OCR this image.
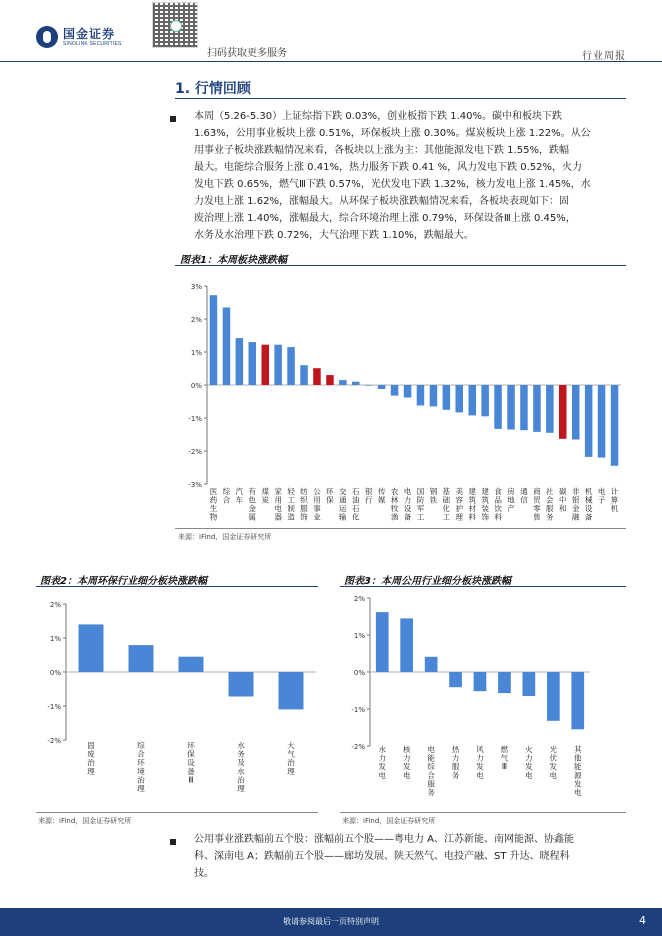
国金证券
SINOLINK SECURITIES
扫码获取更多服务	行业周报
1. 行情回顾
本周（5.26-5.30）上证综指下跌 0.03%，创业板指下跌 1.40%。碳中和板块下跌
1.63%，公用事业板块上涨 0.51%，环保板块上涨 0.30%。煤炭板块上涨 1.22%。从公
用事业子板块涨跌幅情况来看，各板块以上涨为主：其他能源发电下跌 1.55%，跌幅
最大。电能综合服务上涨 0.41%，热力服务下跌 0.41 %，风力发电下跌 0.52%，火力
发电下跌 0.65%，燃气Ⅲ下跌 0.57%，光伏发电下跌 1.32%，核力发电上涨 1.45%，水
力发电上涨 1.62%，涨幅最大。从环保子板块涨跌幅情况来看，各板块表现如下：固
废治理上涨 1.40%，涨幅最大，综合环境治理上涨 0.79%，环保设备Ⅲ上涨 0.45%，
水务及水治理下跌 0.72%，大气治理下跌 1.10%，跌幅最大。
图表1：本周板块涨跌幅
3%
2%
1%
0%
-1%
-2%
-3%
医药生物
综合
汽车
有色金属
煤炭
家用电器
轻工制造
纺织服饰
公用事业
环保
交通运输
石油石化
银行
传媒
农林牧渔
电力设备
国防军工
钢铁
基础化工
美容护理
建筑材料
建筑装饰
食品饮料
房地产
通信
商贸零售
社会服务
碳中和
非银金融
机械设备
电子
计算机
来源：iFind，国金证券研究所
图表2：本周环保行业细分板块涨跌幅
2%
1%
0%
-1%
-2%	固废治理
综合环境治理
环保设备 Ⅲ
水务及水治理
大气治理
来源：iFind，国金证券研究所
图表3：本周公用行业细分板块涨跌幅
2%
1%
0%
-1%
-2% 水力发电
核力发电
电能综合服务
热力服务
风力发电
燃气 Ⅲ
火力发电
光伏发电
其他能源发电
来源：iFind，国金证券研究所
公用事业涨跌幅前五个股：涨幅前五个股——粤电力 A、江苏新能、南网能源、协鑫能
科、深南电 A；跌幅前五个股——廊坊发展、陕天然气、电投产融、ST 升达、晓程科
技。
敬请参阅最后一页特别声明	4
